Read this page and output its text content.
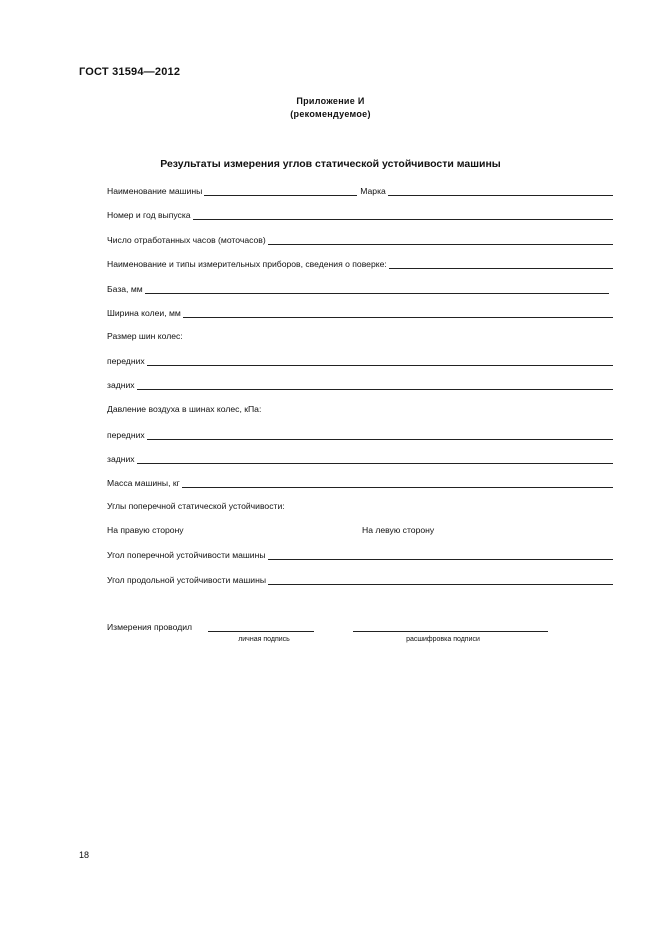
ГОСТ 31594—2012
Приложение И
(рекомендуемое)
Результаты измерения углов статической устойчивости машины
Наименование машины	Марка
Номер и год выпуска
Число отработанных часов (моточасов)
Наименование и типы измерительных приборов, сведения о поверке:
База, мм
Ширина колеи, мм
Размер шин колес:
передних
задних
Давление воздуха в шинах колес, кПа:
передних
задних
Масса машины, кг
Углы поперечной статической устойчивости:
На правую сторону	На левую сторону
Угол поперечной устойчивости машины
Угол продольной устойчивости машины
Измерения проводил
личная подпись	расшифровка подписи
18
